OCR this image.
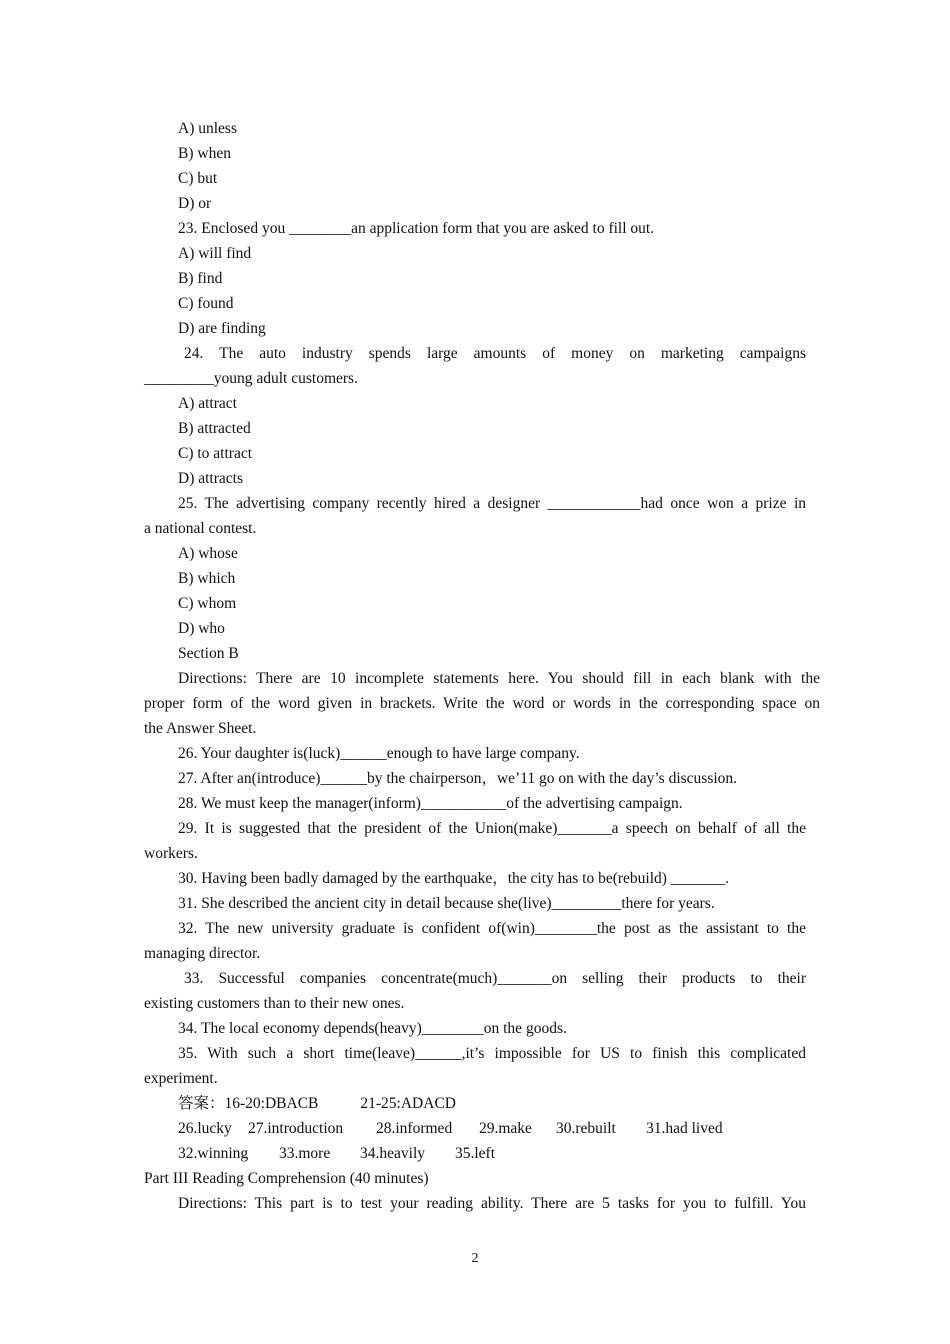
A) unless
B) when
C) but
D) or
23. Enclosed you ________an application form that you are asked to fill out.
A) will find
B) find
C) found
D) are finding
24. The auto industry spends large amounts of money on marketing campaigns
_________young adult customers.
A) attract
B) attracted
C) to attract
D) attracts
25. The advertising company recently hired a designer ____________had once won a prize in
a national contest.
A) whose
B) which
C) whom
D) who
Section B
Directions: There are 10 incomplete statements here. You should fill in each blank with the
proper form of the word given in brackets. Write the word or words in the corresponding space on
the Answer Sheet.
26. Your daughter is(luck)______enough to have large company.
27. After an(introduce)______by the chairperson，we’11 go on with the day’s discussion.
28. We must keep the manager(inform)___________of the advertising campaign.
29. It is suggested that the president of the Union(make)_______a speech on behalf of all the
workers.
30. Having been badly damaged by the earthquake，the city has to be(rebuild) _______.
31. She described the ancient city in detail because she(live)_________there for years.
32. The new university graduate is confident of(win)________the post as the assistant to the
managing director.
33. Successful companies concentrate(much)_______on selling their products to their
existing customers than to their new ones.
34. The local economy depends(heavy)________on the goods.
35. With such a short time(leave)______,it’s impossible for US to finish this complicated
experiment.
答案：16-20:DBACB	21-25:ADACD
26.lucky 27.introduction 28.informed 29.make 30.rebuilt 31.had lived
32.winning 33.more 34.heavily 35.left
Part III Reading Comprehension (40 minutes)
Directions: This part is to test your reading ability. There are 5 tasks for you to fulfill. You
2
